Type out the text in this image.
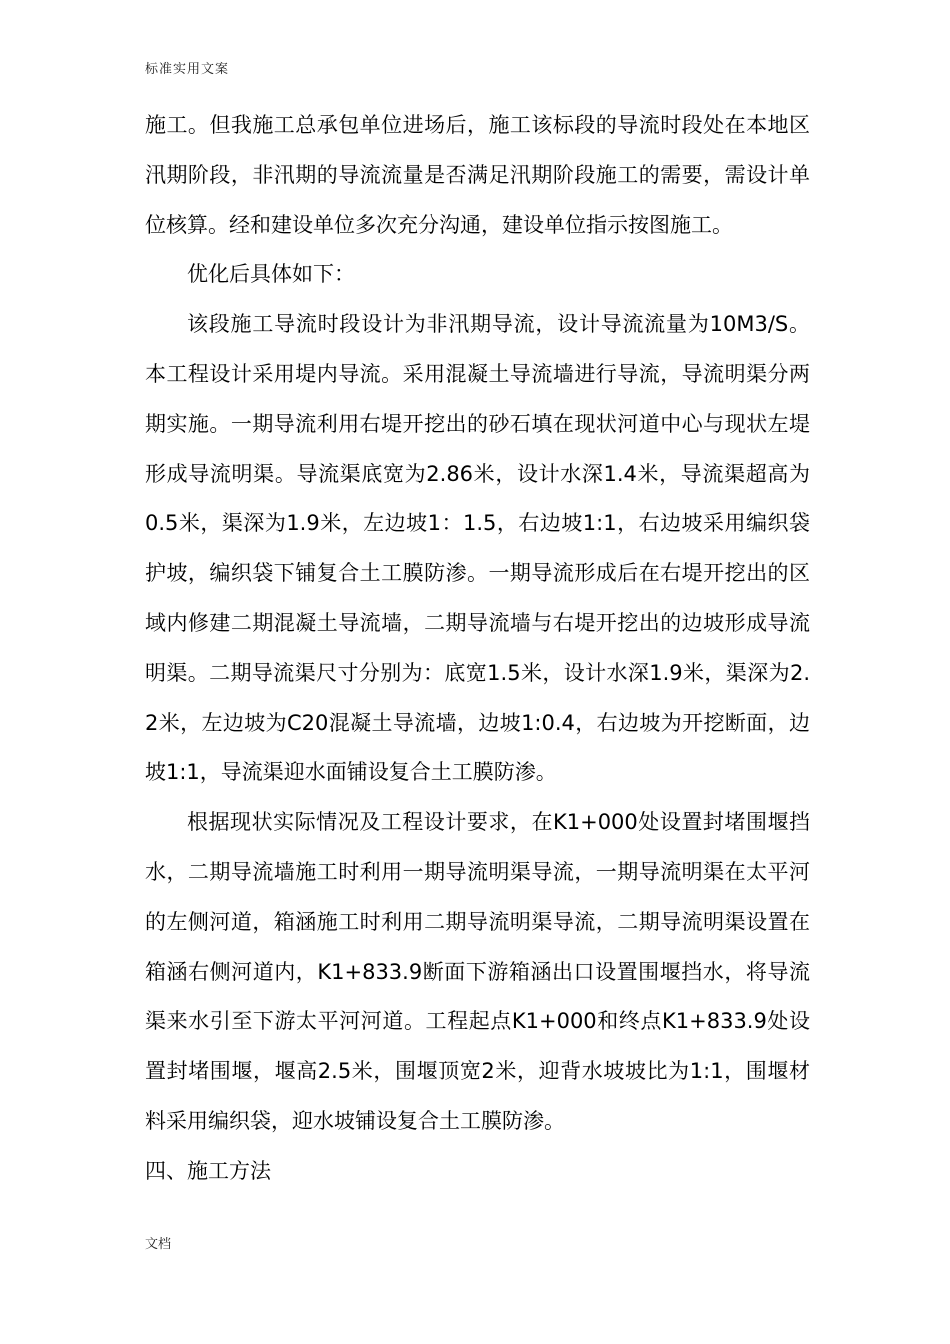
标准实用文案

施工。但我施工总承包单位进场后，施工该标段的导流时段处在本地区汛期阶段，非汛期的导流流量是否满足汛期阶段施工的需要，需设计单位核算。经和建设单位多次充分沟通，建设单位指示按图施工。

优化后具体如下：

该段施工导流时段设计为非汛期导流，设计导流流量为10M3/S。本工程设计采用堤内导流。采用混凝土导流墙进行导流，导流明渠分两期实施。一期导流利用右堤开挖出的砂石填在现状河道中心与现状左堤形成导流明渠。导流渠底宽为2.86米，设计水深1.4米，导流渠超高为0.5米，渠深为1.9米，左边坡1：1.5，右边坡1:1，右边坡采用编织袋护坡，编织袋下铺复合土工膜防渗。一期导流形成后在右堤开挖出的区域内修建二期混凝土导流墙，二期导流墙与右堤开挖出的边坡形成导流明渠。二期导流渠尺寸分别为：底宽1.5米，设计水深1.9米，渠深为2.2米，左边坡为C20混凝土导流墙，边坡1:0.4，右边坡为开挖断面，边坡1:1，导流渠迎水面铺设复合土工膜防渗。

根据现状实际情况及工程设计要求，在K1+000处设置封堵围堰挡水，二期导流墙施工时利用一期导流明渠导流，一期导流明渠在太平河的左侧河道，箱涵施工时利用二期导流明渠导流，二期导流明渠设置在箱涵右侧河道内，K1+833.9断面下游箱涵出口设置围堰挡水，将导流渠来水引至下游太平河河道。工程起点K1+000和终点K1+833.9处设置封堵围堰，堰高2.5米，围堰顶宽2米，迎背水坡坡比为1:1，围堰材料采用编织袋，迎水坡铺设复合土工膜防渗。

四、施工方法

文档
